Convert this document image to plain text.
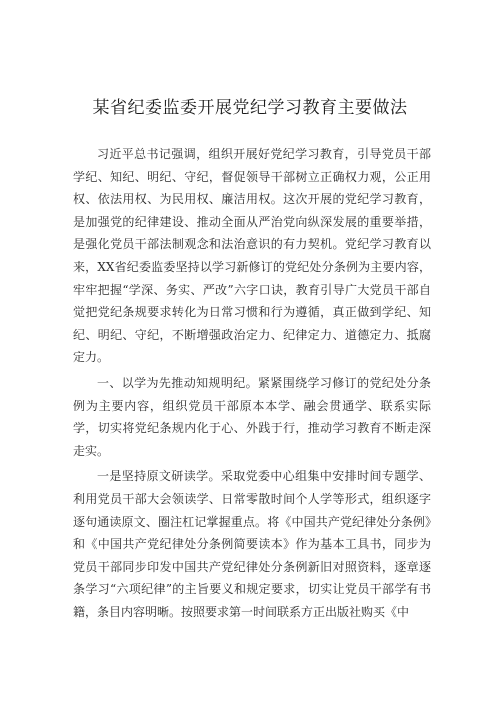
某省纪委监委开展党纪学习教育主要做法

习近平总书记强调，组织开展好党纪学习教育，引导党员干部学纪、知纪、明纪、守纪，督促领导干部树立正确权力观，公正用权、依法用权、为民用权、廉洁用权。这次开展的党纪学习教育，是加强党的纪律建设、推动全面从严治党向纵深发展的重要举措，是强化党员干部法制观念和法治意识的有力契机。党纪学习教育以来，XX省纪委监委坚持以学习新修订的党纪处分条例为主要内容，牢牢把握“学深、务实、严改”六字口诀，教育引导广大党员干部自觉把党纪条规要求转化为日常习惯和行为遵循，真正做到学纪、知纪、明纪、守纪，不断增强政治定力、纪律定力、道德定力、抵腐定力。

一、以学为先推动知规明纪。紧紧围绕学习修订的党纪处分条例为主要内容，组织党员干部原本本学、融会贯通学、联系实际学，切实将党纪条规内化于心、外践于行，推动学习教育不断走深走实。

一是坚持原文研读学。采取党委中心组集中安排时间专题学、利用党员干部大会领读学、日常零散时间个人学等形式，组织逐字逐句通读原文、圈注杠记掌握重点。将《中国共产党纪律处分条例》和《中国共产党纪律处分条例简要读本》作为基本工具书，同步为党员干部同步印发中国共产党纪律处分条例新旧对照资料，逐章逐条学习“六项纪律”的主旨要义和规定要求，切实让党员干部学有书籍，条目内容明晰。按照要求第一时间联系方正出版社购买《中
